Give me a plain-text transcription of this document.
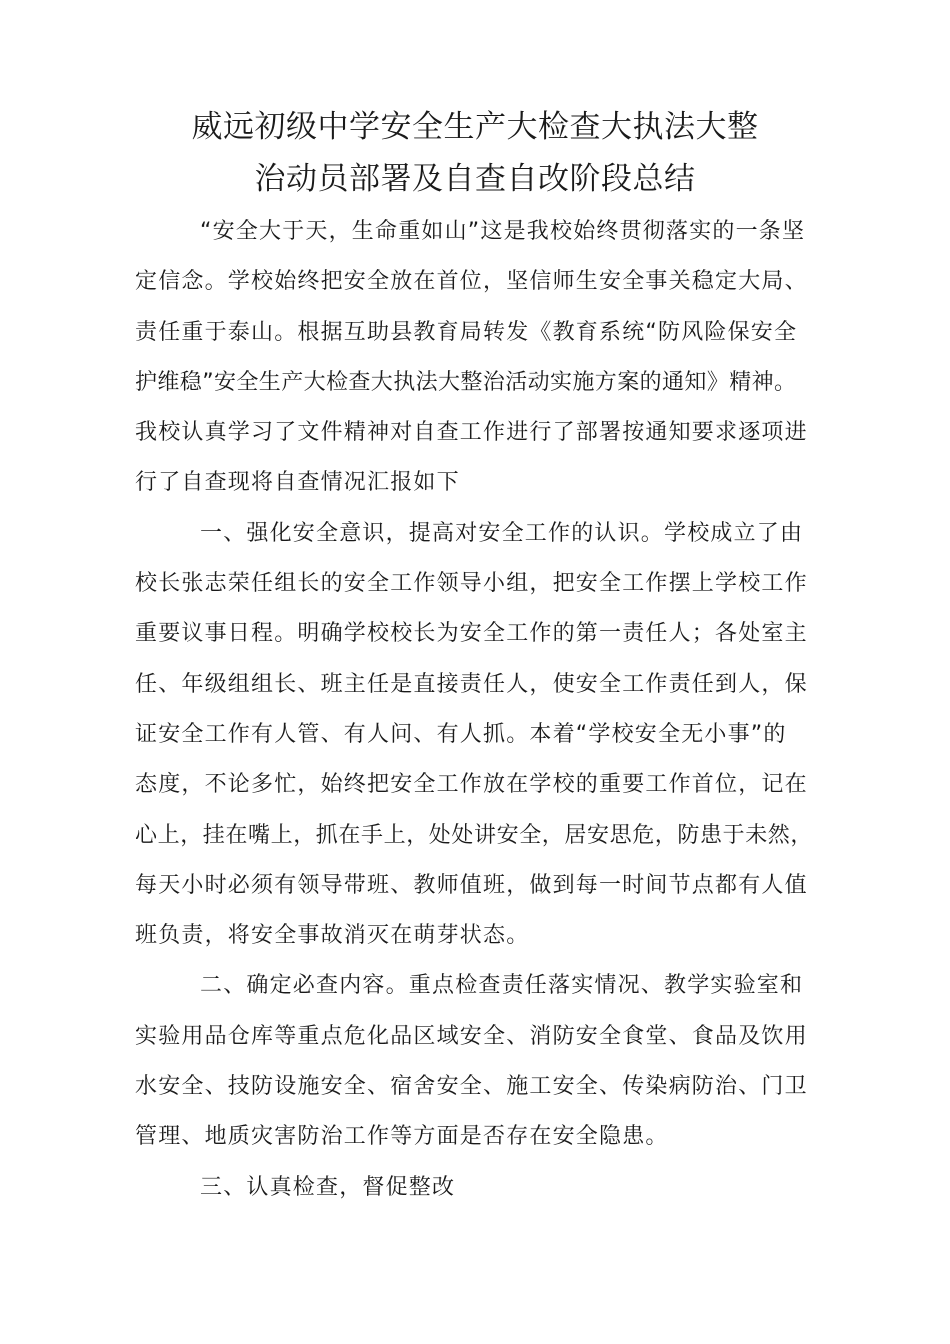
威远初级中学安全生产大检查大执法大整
治动员部署及自查自改阶段总结

“安全大于天，生命重如山”这是我校始终贯彻落实的一条坚
定信念。学校始终把安全放在首位，坚信师生安全事关稳定大局、
责任重于泰山。根据互助县教育局转发《教育系统“防风险保安全
护维稳”安全生产大检查大执法大整治活动实施方案的通知》精神。
我校认真学习了文件精神对自查工作进行了部署按通知要求逐项进
行了自查现将自查情况汇报如下

一、强化安全意识，提高对安全工作的认识。学校成立了由
校长张志荣任组长的安全工作领导小组，把安全工作摆上学校工作
重要议事日程。明确学校校长为安全工作的第一责任人；各处室主
任、年级组组长、班主任是直接责任人，使安全工作责任到人，保
证安全工作有人管、有人问、有人抓。本着“学校安全无小事”的
态度，不论多忙，始终把安全工作放在学校的重要工作首位，记在
心上，挂在嘴上，抓在手上，处处讲安全，居安思危，防患于未然，
每天小时必须有领导带班、教师值班，做到每一时间节点都有人值
班负责，将安全事故消灭在萌芽状态。

二、确定必查内容。重点检查责任落实情况、教学实验室和
实验用品仓库等重点危化品区域安全、消防安全食堂、食品及饮用
水安全、技防设施安全、宿舍安全、施工安全、传染病防治、门卫
管理、地质灾害防治工作等方面是否存在安全隐患。

三、认真检查，督促整改
